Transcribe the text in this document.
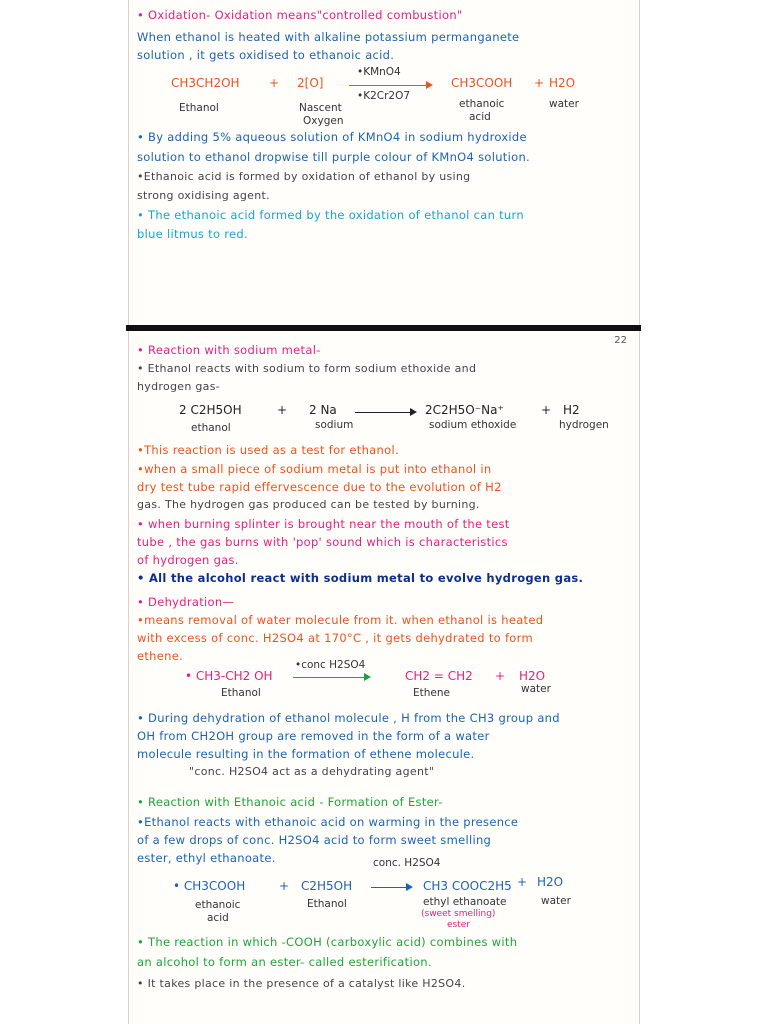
• Oxidation- Oxidation means"controlled combustion"
When ethanol is heated with alkaline potassium permanganete
solution , it gets oxidised to ethanoic acid.
CH3CH2OH + 2[O]
•KMnO4
•K2Cr2O7
CH3COOH + H2O
Ethanol	Nascent
Oxygen
ethanoic
acid
water
• By adding 5% aqueous solution of KMnO4 in sodium hydroxide
solution to ethanol dropwise till purple colour of KMnO4 solution.
•Ethanoic acid is formed by oxidation of ethanol by using
strong oxidising agent.
• The ethanoic acid formed by the oxidation of ethanol can turn
blue litmus to red.
22
• Reaction with sodium metal-
• Ethanol reacts with sodium to form sodium ethoxide and
hydrogen gas-
2 C2H5OH	+ 2 Na → 2C2H5O⁻Na⁺	+ H2
ethanol	sodium	sodium ethoxide	hydrogen
•This reaction is used as a test for ethanol.
•when a small piece of sodium metal is put into ethanol in
dry test tube rapid effervescence due to the evolution of H2
gas. The hydrogen gas produced can be tested by burning.
• when burning splinter is brought near the mouth of the test
tube , the gas burns with 'pop' sound which is characteristics
of hydrogen gas.
• All the alcohol react with sodium metal to evolve hydrogen gas.
• Dehydration—
•means removal of water molecule from it. when ethanol is heated
with excess of conc. H2SO4 at 170°C , it gets dehydrated to form
ethene.
• CH3-CH2 OH
•conc H2SO4
CH2 = CH2 + H2O
Ethanol	Ethene	water
• During dehydration of ethanol molecule , H from the CH3 group and
OH from CH2OH group are removed in the form of a water
molecule resulting in the formation of ethene molecule.
"conc. H2SO4 act as a dehydrating agent"
• Reaction with Ethanoic acid - Formation of Ester-
•Ethanol reacts with ethanoic acid on warming in the presence
of a few drops of conc. H2SO4 acid to form sweet smelling
ester, ethyl ethanoate.	conc. H2SO4
• CH3COOH	+ C2H5OH → CH3 COOC2H5 + H2O
ethanoic
acid
Ethanol	ethyl ethanoate
(sweet smelling)
ester
water
• The reaction in which -COOH (carboxylic acid) combines with
an alcohol to form an ester- called esterification.
• It takes place in the presence of a catalyst like H2SO4.
